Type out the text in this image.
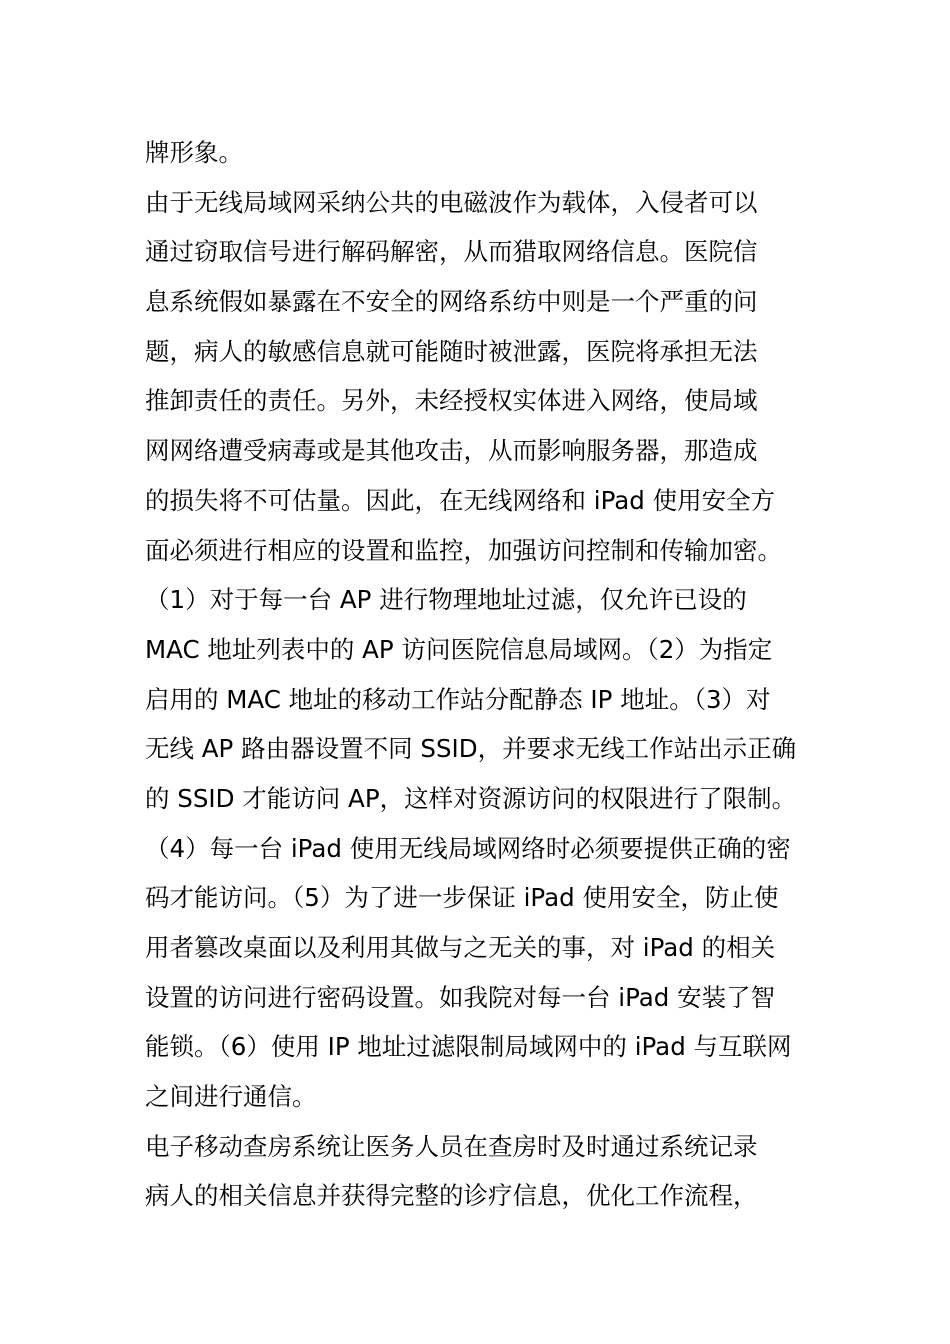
牌形象。
由于无线局域网采纳公共的电磁波作为载体，入侵者可以
通过窃取信号进行解码解密，从而猎取网络信息。医院信
息系统假如暴露在不安全的网络系纺中则是一个严重的问
题，病人的敏感信息就可能随时被泄露，医院将承担无法
推卸责任的责任。另外，未经授权实体进入网络，使局域
网网络遭受病毒或是其他攻击，从而影响服务器，那造成
的损失将不可估量。因此，在无线网络和 iPad 使用安全方
面必须进行相应的设置和监控，加强访问控制和传输加密。
（1）对于每一台 AP 进行物理地址过滤，仅允许已设的
MAC 地址列表中的 AP 访问医院信息局域网。（2）为指定
启用的 MAC 地址的移动工作站分配静态 IP 地址。（3）对
无线 AP 路由器设置不同 SSID，并要求无线工作站出示正确
的 SSID 才能访问 AP，这样对资源访问的权限进行了限制。
（4）每一台 iPad 使用无线局域网络时必须要提供正确的密
码才能访问。（5）为了进一步保证 iPad 使用安全，防止使
用者篡改桌面以及利用其做与之无关的事，对 iPad 的相关
设置的访问进行密码设置。如我院对每一台 iPad 安装了智
能锁。（6）使用 IP 地址过滤限制局域网中的 iPad 与互联网
之间进行通信。
电子移动查房系统让医务人员在查房时及时通过系统记录
病人的相关信息并获得完整的诊疗信息，优化工作流程，
